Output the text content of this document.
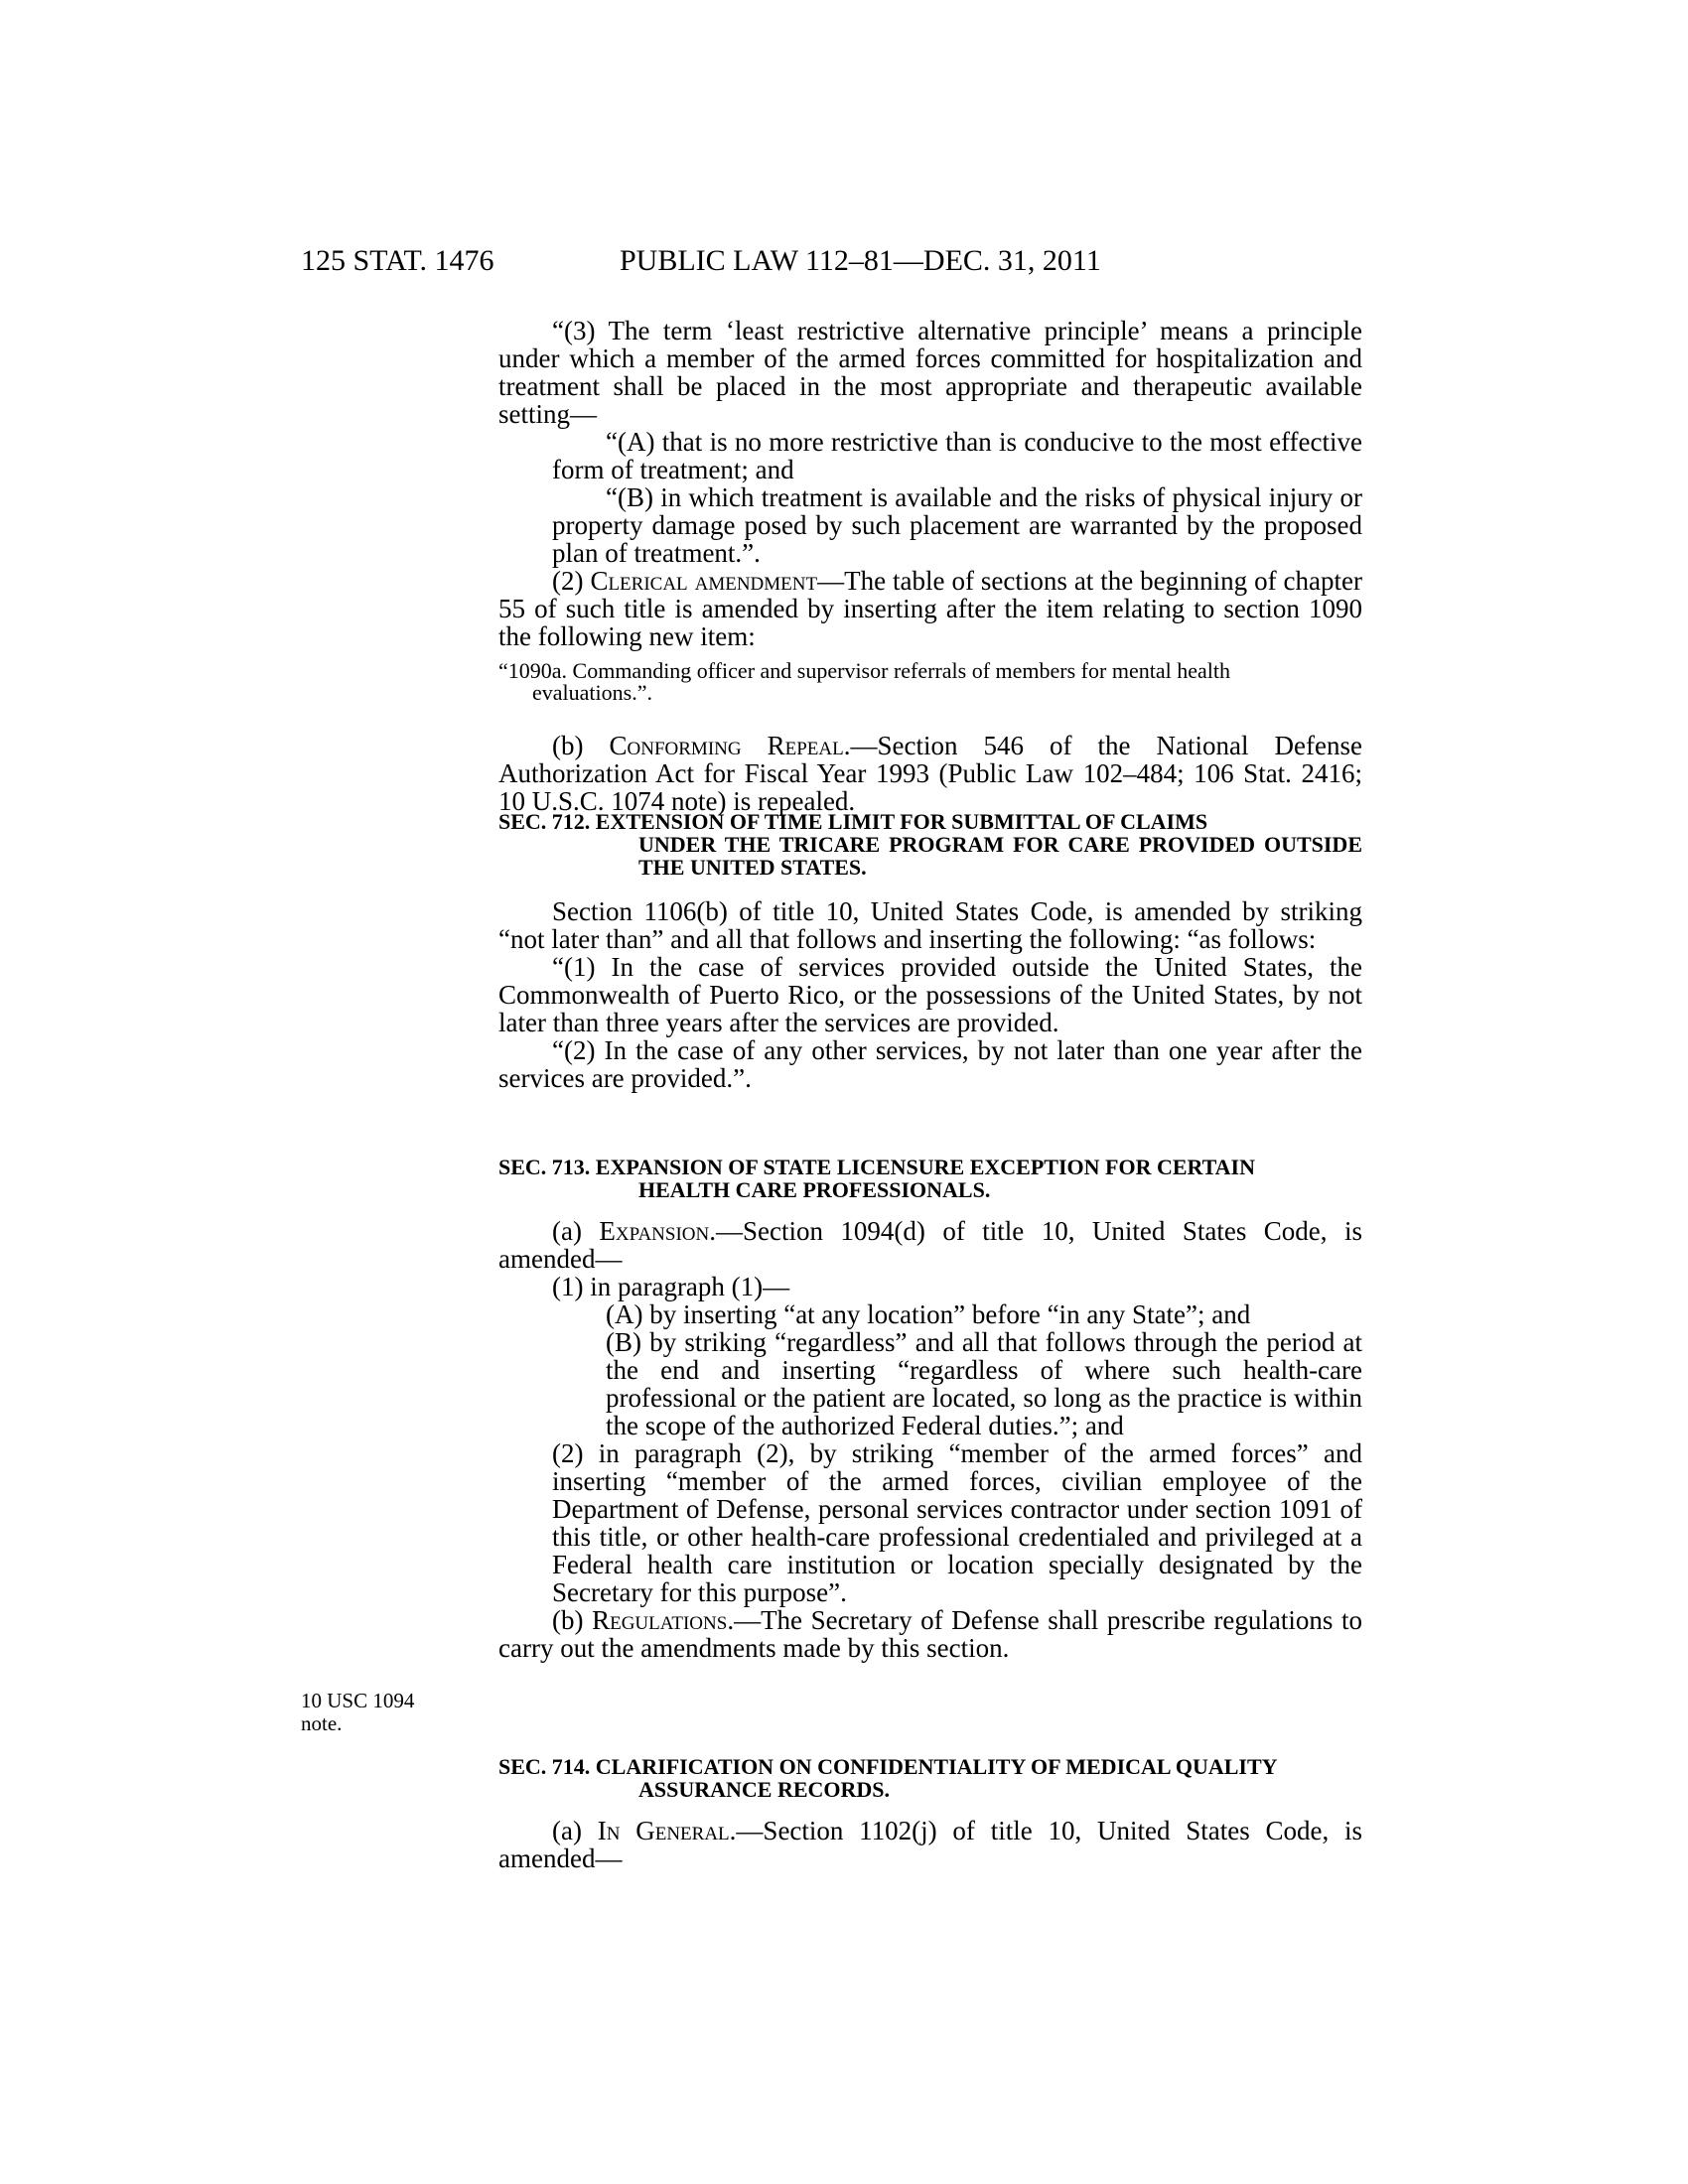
125 STAT. 1476	PUBLIC LAW 112–81—DEC. 31, 2011

“(3) The term ‘least restrictive alternative principle’ means a principle under which a member of the armed forces committed for hospitalization and treatment shall be placed in the most appropriate and therapeutic available setting—

“(A) that is no more restrictive than is conducive to the most effective form of treatment; and

“(B) in which treatment is available and the risks of physical injury or property damage posed by such placement are warranted by the proposed plan of treatment.”.

(2) Clerical amendment—The table of sections at the beginning of chapter 55 of such title is amended by inserting after the item relating to section 1090 the following new item:

“1090a. Commanding officer and supervisor referrals of members for mental health
evaluations.”.

(b) Conforming Repeal.—Section 546 of the National Defense Authorization Act for Fiscal Year 1993 (Public Law 102–484; 106 Stat. 2416; 10 U.S.C. 1074 note) is repealed.

SEC. 712. EXTENSION OF TIME LIMIT FOR SUBMITTAL OF CLAIMS
UNDER THE TRICARE PROGRAM FOR CARE PROVIDED OUTSIDE THE UNITED STATES.

Section 1106(b) of title 10, United States Code, is amended by striking “not later than” and all that follows and inserting the following: “as follows:

“(1) In the case of services provided outside the United States, the Commonwealth of Puerto Rico, or the possessions of the United States, by not later than three years after the services are provided.

“(2) In the case of any other services, by not later than one year after the services are provided.”.

SEC. 713. EXPANSION OF STATE LICENSURE EXCEPTION FOR CERTAIN
HEALTH CARE PROFESSIONALS.

(a) Expansion.—Section 1094(d) of title 10, United States Code, is amended—

(1) in paragraph (1)—

(A) by inserting “at any location” before “in any State”; and

(B) by striking “regardless” and all that follows through the period at the end and inserting “regardless of where such health-care professional or the patient are located, so long as the practice is within the scope of the authorized Federal duties.”; and

(2) in paragraph (2), by striking “member of the armed forces” and inserting “member of the armed forces, civilian employee of the Department of Defense, personal services contractor under section 1091 of this title, or other health-care professional credentialed and privileged at a Federal health care institution or location specially designated by the Secretary for this purpose”.

(b) Regulations.—The Secretary of Defense shall prescribe regulations to carry out the amendments made by this section.

10 USC 1094
note.
SEC. 714. CLARIFICATION ON CONFIDENTIALITY OF MEDICAL QUALITY
ASSURANCE RECORDS.

(a) In General.—Section 1102(j) of title 10, United States Code, is amended—
